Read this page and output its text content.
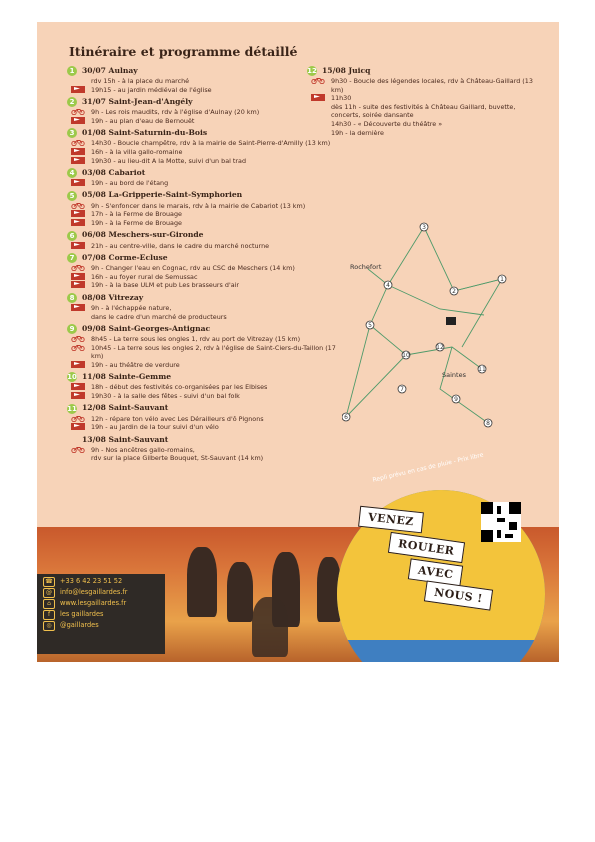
Itinéraire et programme détaillé
1 30/07 Aulnay
rdv 15h - à la place du marché
19h15 - au jardin médiéval de l'église
2 31/07 Saint-Jean-d'Angély
9h - Les rois maudits, rdv à l'église d'Aulnay (20 km)
19h - au plan d'eau de Bernouët
3 01/08 Saint-Saturnin-du-Bois
14h30 - Boucle champêtre, rdv à la mairie de Saint-Pierre-d'Amilly (13 km)
16h - à la villa gallo-romaine
19h30 - au lieu-dit A la Motte, suivi d'un bal trad
4 03/08 Cabariot
19h - au bord de l'étang
5 05/08 La-Gripperie-Saint-Symphorien
9h - S'enfoncer dans le marais, rdv à la mairie de Cabariot (13 km)
17h - à la Ferme de Brouage
19h - à la Ferme de Brouage
6 06/08 Meschers-sur-Gironde
21h - au centre-ville, dans le cadre du marché nocturne
7 07/08 Corme-Ecluse
9h - Changer l'eau en Cognac, rdv au CSC de Meschers (14 km)
16h - au foyer rural de Semussac
19h - à la base ULM et pub Les brasseurs d'air
8 08/08 Vitrezay
9h - à l'échappée nature,
dans le cadre d'un marché de producteurs
9 09/08 Saint-Georges-Antignac
8h45 - La terre sous les ongles 1, rdv au port de Vitrezay (15 km)
10h45 - La terre sous les ongles 2, rdv à l'église de Saint-Ciers-du-Taillon (17 km)
19h - au théâtre de verdure
10 11/08 Sainte-Gemme
18h - début des festivités co-organisées par les Elbises
19h30 - à la salle des fêtes - suivi d'un bal folk
11 12/08 Saint-Sauvant
12h - répare ton vélo avec Les Dérailleurs d'ô Pignons
19h - au Jardin de la tour suivi d'un vélo
13/08 Saint-Sauvant
9h - Nos ancêtres gallo-romains,
rdv sur la place Gilberte Bouquet, St-Sauvant (14 km)
12 15/08 Juicq
9h30 - Boucle des légendes locales, rdv à Château-Gaillard (13 km)
11h30
dès 11h - suite des festivités à Château Gaillard, buvette, concerts, soirée dansante
14h30 - « Découverte du théâtre »
19h - la dernière
3
4
1
2
5
10
12
11
7
9
6
8
Rochefort
Saintes
Repli prévu en cas de pluie - Prix libre
VENEZ
ROULER
AVEC
NOUS !
☎	+33 6 42 23 51 52
@	info@lesgaillardes.fr
⌂	www.lesgaillardes.fr
f	les gaillardes
◎	@gaillardes
